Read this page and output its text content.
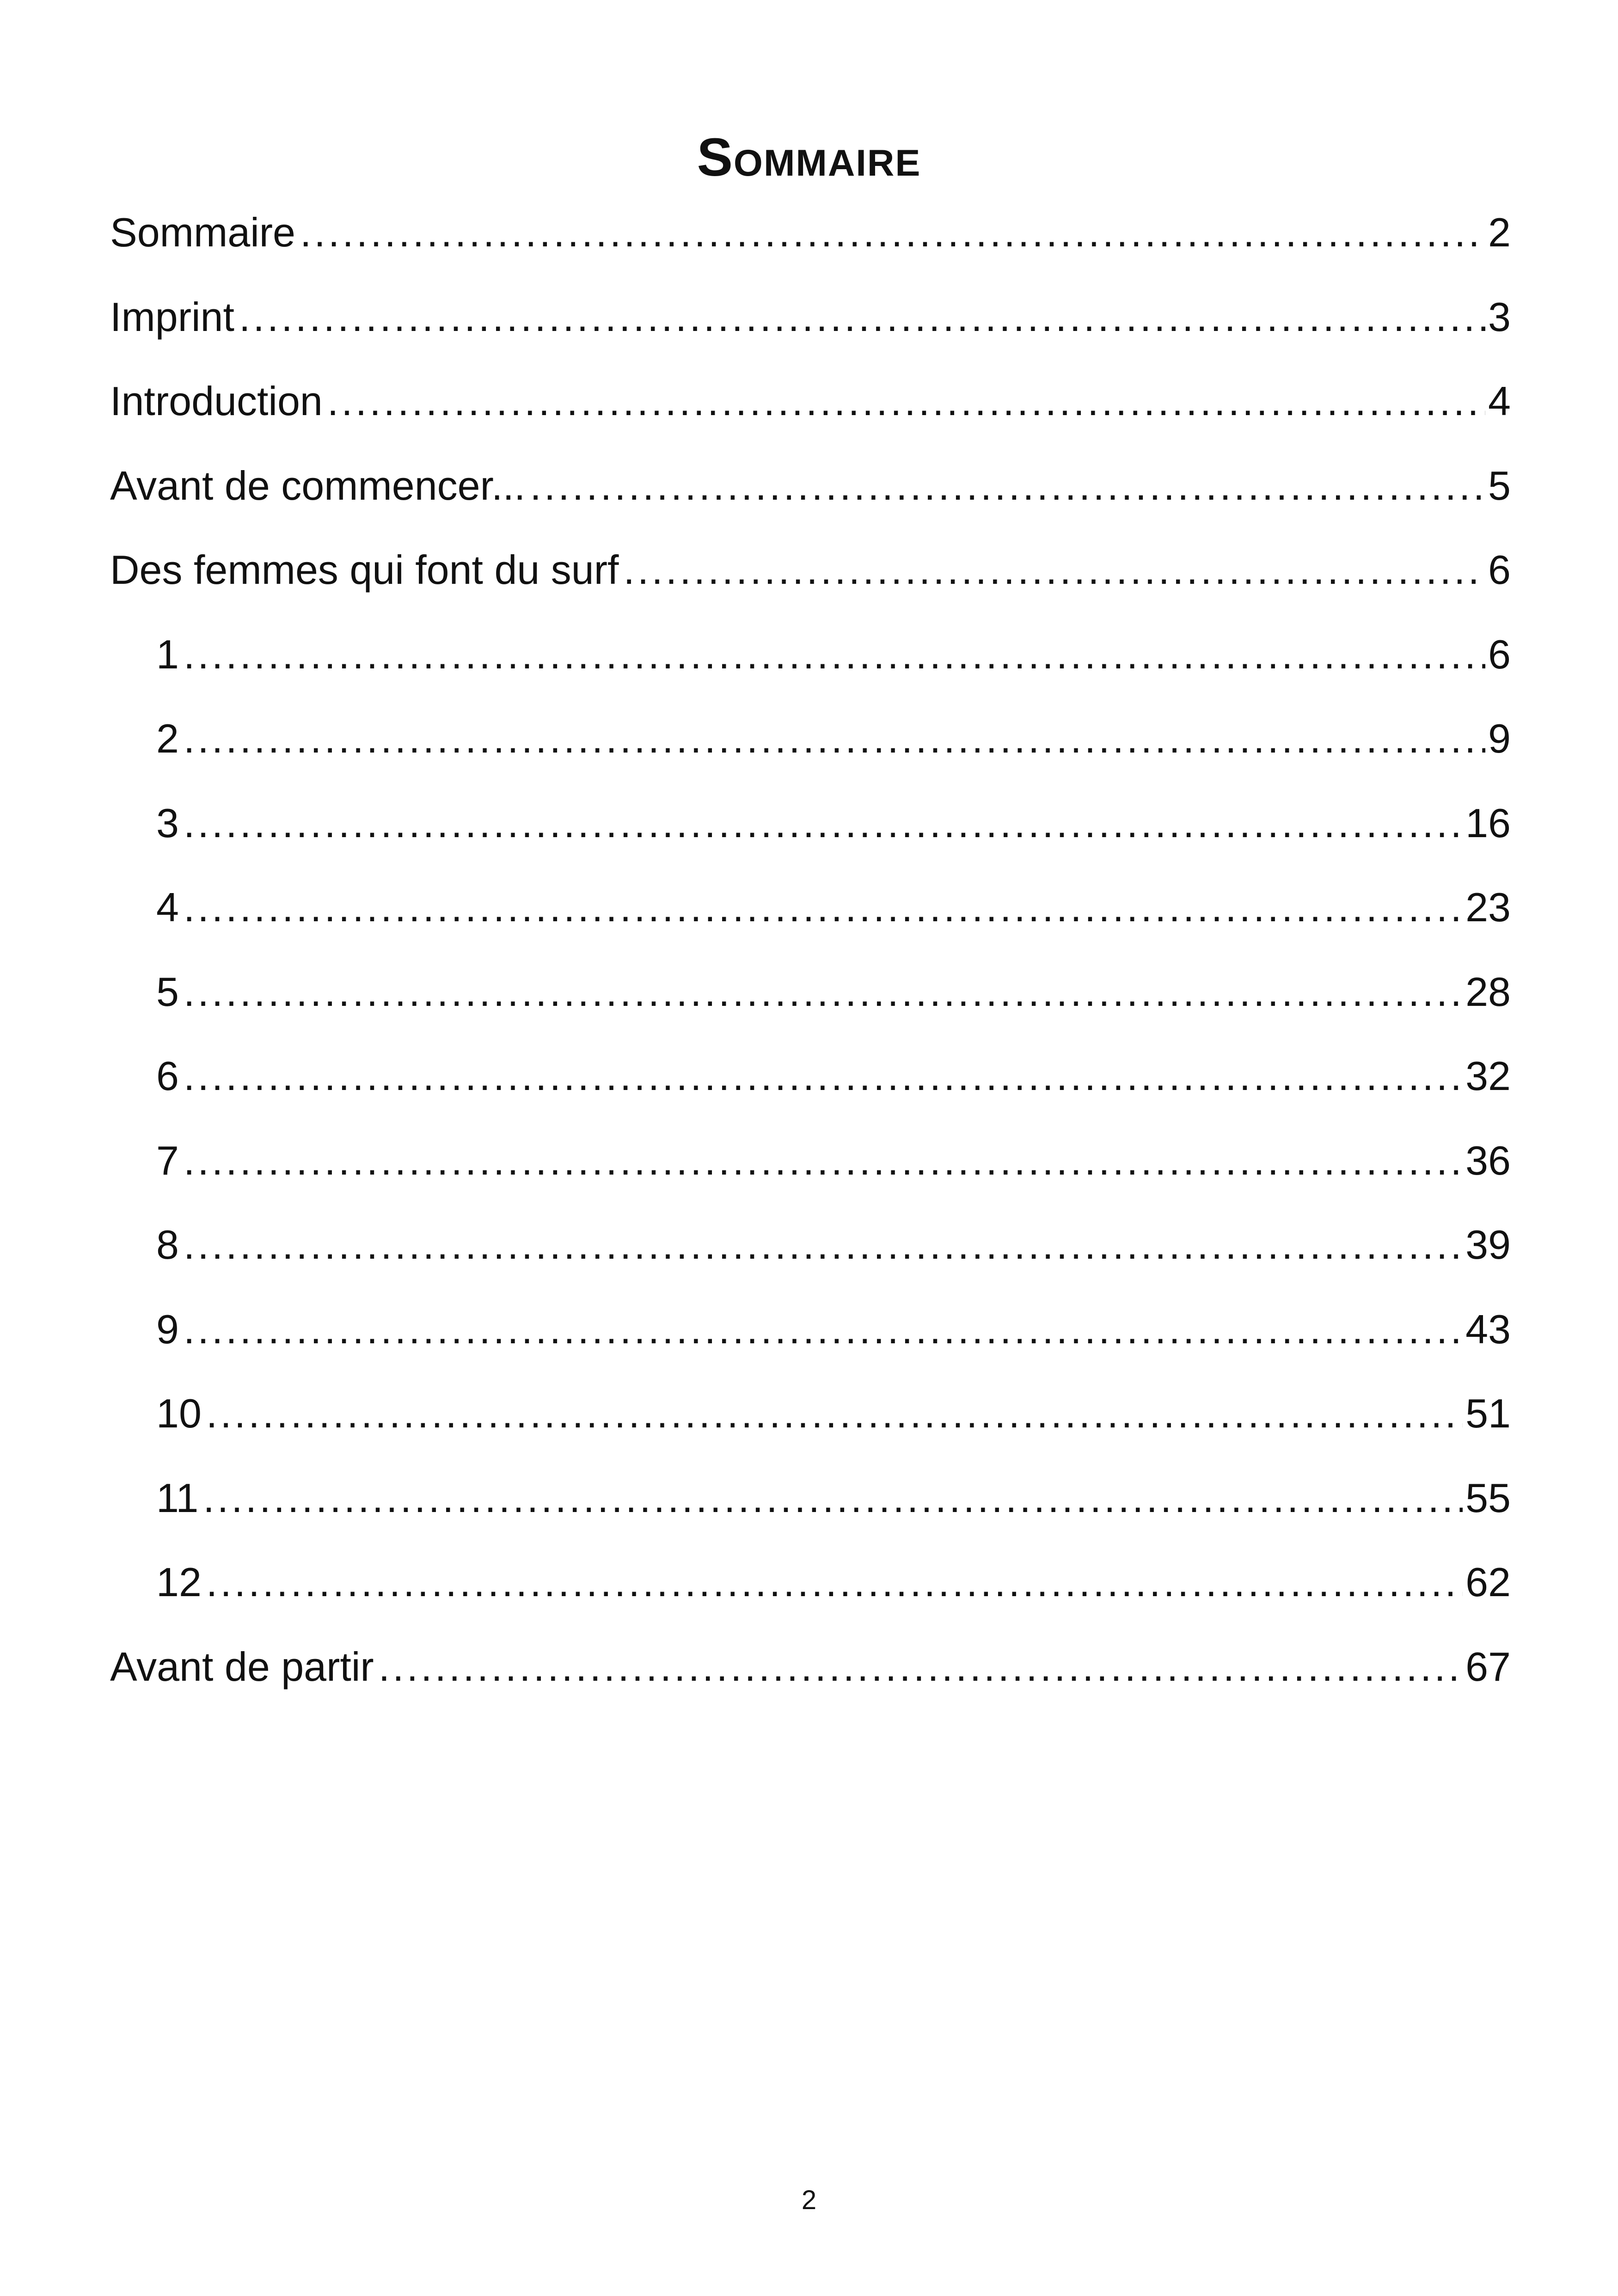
Sommaire
Sommaire .....	2
Imprint .....	3
Introduction .....	4
Avant de commencer... .....	5
Des femmes qui font du surf .....	6
1 .....	6
2 .....	9
3 .....	16
4 .....	23
5 .....	28
6 .....	32
7 .....	36
8 .....	39
9 .....	43
10 .....	51
11 .....	55
12 .....	62
Avant de partir .....	67
2
